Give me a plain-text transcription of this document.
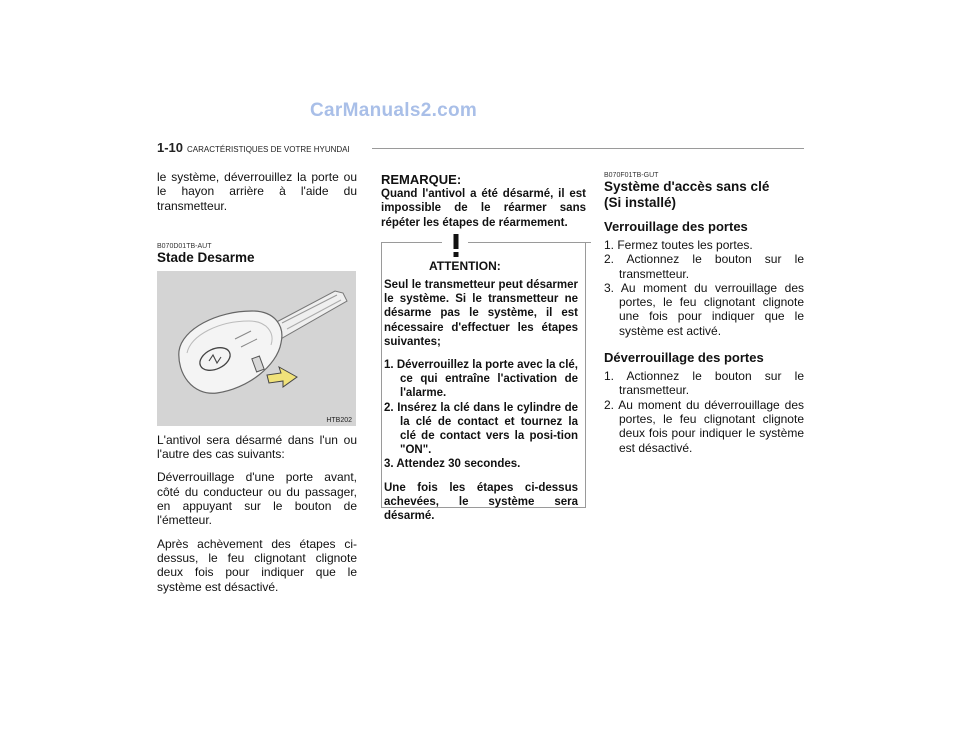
CarManuals2.com
1-10 CARACTÉRISTIQUES DE VOTRE HYUNDAI

le système, déverrouillez la porte ou le hayon arrière à l'aide du transmetteur.

B070D01TB-AUT

Stade Desarme

HTB202

L'antivol sera désarmé dans l'un ou l'autre des cas suivants:

Déverrouillage d'une porte avant, côté du conducteur ou du passager, en appuyant sur le bouton de l'émetteur.

Après achèvement des étapes ci-dessus, le feu clignotant clignote deux fois pour indiquer que le système est désactivé.

REMARQUE:

Quand l'antivol a été désarmé, il est impossible de le réarmer sans répéter les étapes de réarmement.

ATTENTION:

Seul le transmetteur peut désarmer le système. Si le transmetteur ne désarme pas le système, il est nécessaire d'effectuer les étapes suivantes;

1. Déverrouillez la porte avec la clé, ce qui entraîne l'activation de l'alarme.
2. Insérez la clé dans le cylindre de la clé de contact et tournez la clé de contact vers la posi-tion "ON".
3. Attendez 30 secondes.

Une fois les étapes ci-dessus achevées, le système sera désarmé.

B070F01TB-GUT

Système d'accès sans clé (Si installé)

Verrouillage des portes

1. Fermez toutes les portes.
2. Actionnez le bouton sur le transmetteur.
3. Au moment du verrouillage des portes, le feu clignotant clignote une fois pour indiquer que le système est activé.

Déverrouillage des portes

1. Actionnez le bouton sur le transmetteur.
2. Au moment du déverrouillage des portes, le feu clignotant clignote deux fois pour indiquer le système est désactivé.
